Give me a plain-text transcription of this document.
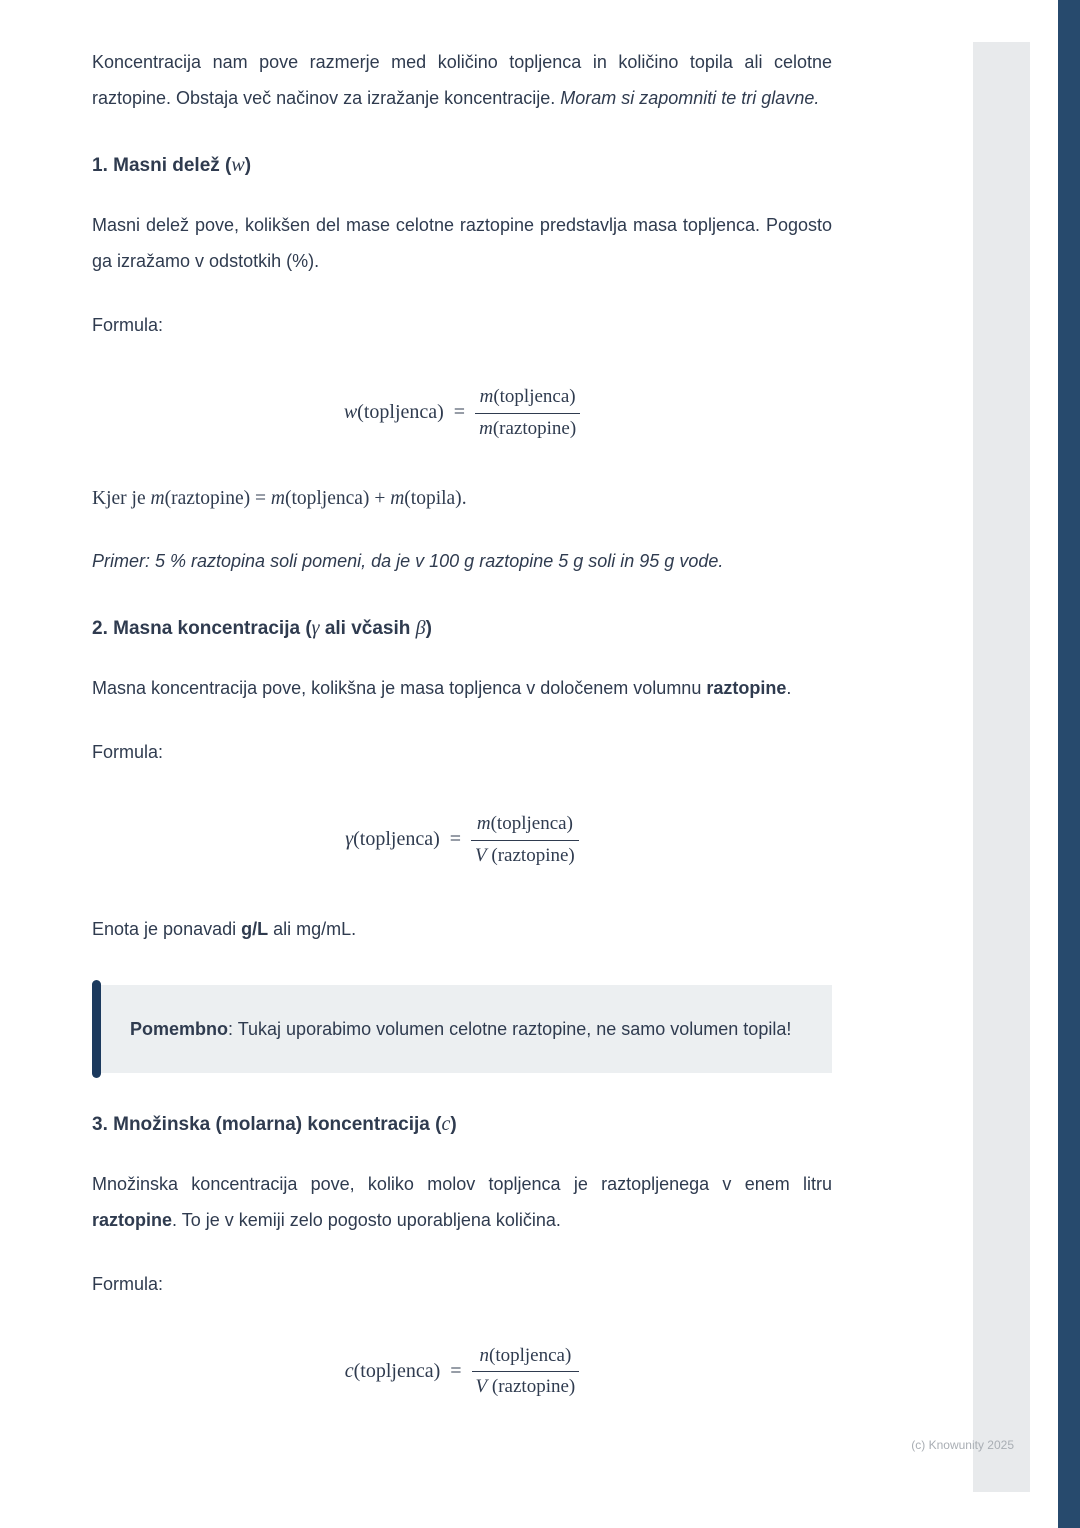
(c) Knowunity 2025

Koncentracija nam pove razmerje med količino topljenca in količino topila ali celotne raztopine. Obstaja več načinov za izražanje koncentracije. Moram si zapomniti te tri glavne.

1. Masni delež (w)

Masni delež pove, kolikšen del mase celotne raztopine predstavlja masa topljenca. Pogosto ga izražamo v odstotkih (%).

Formula:

w(topljenca) = $\frac{\text{m(topljenca)}}{\text{m(raztopine)}}$

Kjer je m(raztopine) = m(topljenca) + m(topila).

Primer: 5 % raztopina soli pomeni, da je v 100 g raztopine 5 g soli in 95 g vode.

2. Masna koncentracija (γ ali včasih β)

Masna koncentracija pove, kolikšna je masa topljenca v določenem volumnu raztopine.

Formula:

γ(topljenca) = $\frac{\text{m(topljenca)}}{\text{V (raztopine)}}$

Enota je ponavadi g/L ali mg/mL.

Pomembno: Tukaj uporabimo volumen celotne raztopine, ne samo volumen topila!

3. Množinska (molarna) koncentracija (c)

Množinska koncentracija pove, koliko molov topljenca je raztopljenega v enem litru raztopine. To je v kemiji zelo pogosto uporabljena količina.

Formula:

c(topljenca) = $\frac{\text{n(topljenca)}}{\text{V (raztopine)}}$
